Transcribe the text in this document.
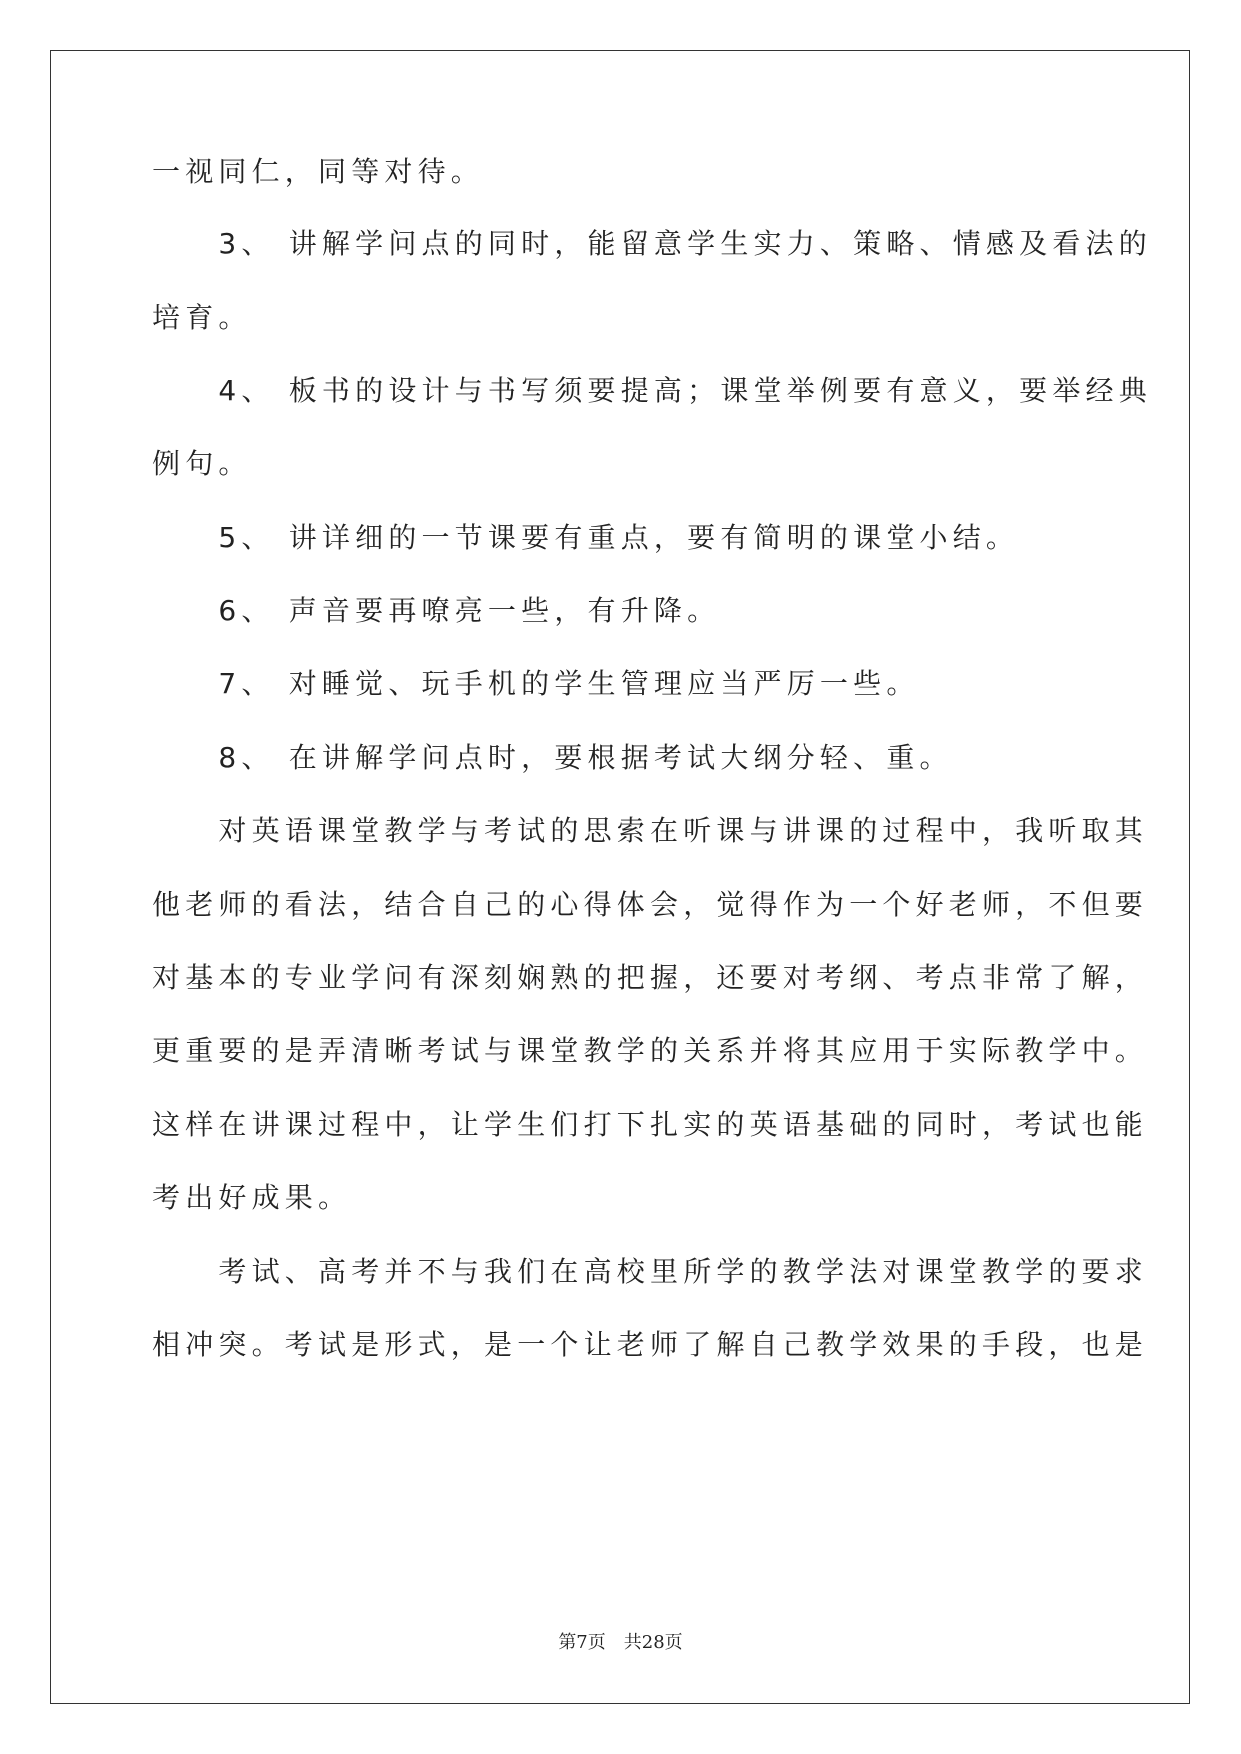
一视同仁，同等对待。
　　3、 讲解学问点的同时，能留意学生实力、策略、情感及看法的
培育。
　　4、 板书的设计与书写须要提高；课堂举例要有意义，要举经典
例句。
　　5、 讲详细的一节课要有重点，要有简明的课堂小结。
　　6、 声音要再嘹亮一些，有升降。
　　7、 对睡觉、玩手机的学生管理应当严厉一些。
　　8、 在讲解学问点时，要根据考试大纲分轻、重。
　　对英语课堂教学与考试的思索在听课与讲课的过程中，我听取其
他老师的看法，结合自己的心得体会，觉得作为一个好老师，不但要
对基本的专业学问有深刻娴熟的把握，还要对考纲、考点非常了解，
更重要的是弄清晰考试与课堂教学的关系并将其应用于实际教学中。
这样在讲课过程中，让学生们打下扎实的英语基础的同时，考试也能
考出好成果。
　　考试、高考并不与我们在高校里所学的教学法对课堂教学的要求
相冲突。考试是形式，是一个让老师了解自己教学效果的手段，也是
第7页　共28页
